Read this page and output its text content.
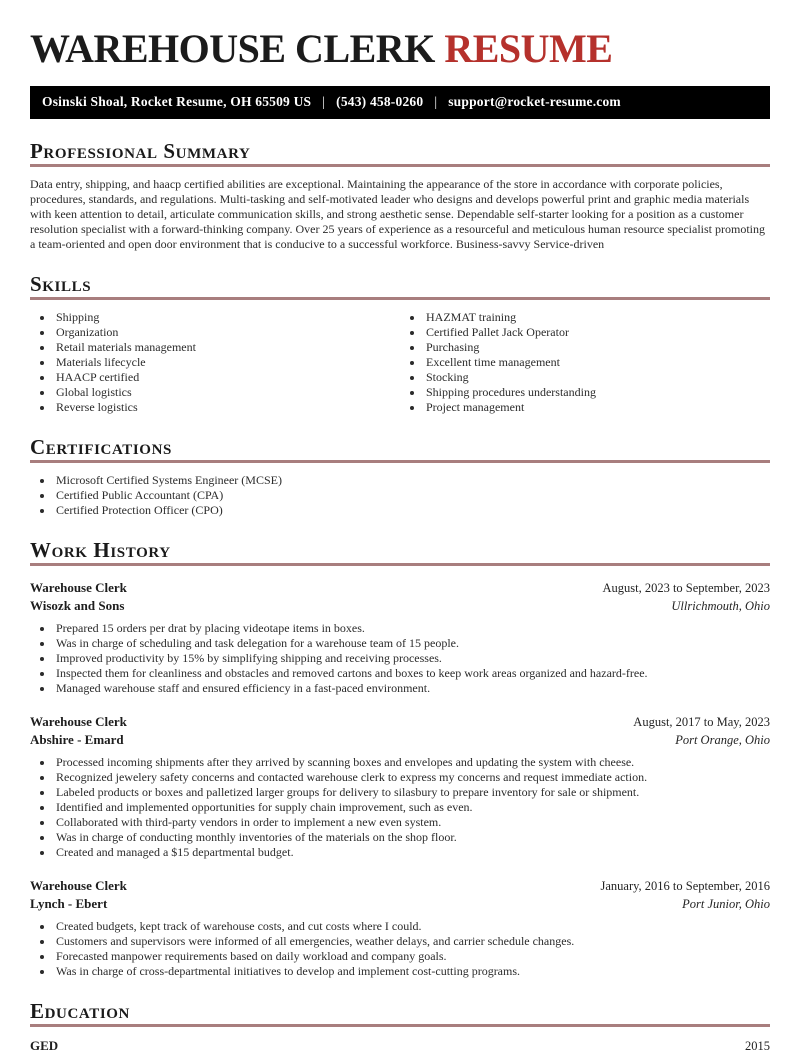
WAREHOUSE CLERK RESUME
Osinski Shoal, Rocket Resume, OH 65509 US | (543) 458-0260 | support@rocket-resume.com
Professional Summary

Data entry, shipping, and haacp certified abilities are exceptional. Maintaining the appearance of the store in accordance with corporate policies, procedures, standards, and regulations. Multi-tasking and self-motivated leader who designs and develops powerful print and graphic media materials with keen attention to detail, articulate communication skills, and strong aesthetic sense. Dependable self-starter looking for a position as a customer resolution specialist with a forward-thinking company. Over 25 years of experience as a resourceful and meticulous human resource specialist promoting a team-oriented and open door environment that is conducive to a successful workforce. Business-savvy Service-driven

Skills
• Shipping
• Organization
• Retail materials management
• Materials lifecycle
• HAACP certified
• Global logistics
• Reverse logistics
• HAZMAT training
• Certified Pallet Jack Operator
• Purchasing
• Excellent time management
• Stocking
• Shipping procedures understanding
• Project management
Certifications
• Microsoft Certified Systems Engineer (MCSE)
• Certified Public Accountant (CPA)
• Certified Protection Officer (CPO)
Work History
Warehouse Clerk	August, 2023 to September, 2023
Wisozk and Sons	Ullrichmouth, Ohio
• Prepared 15 orders per drat by placing videotape items in boxes.
• Was in charge of scheduling and task delegation for a warehouse team of 15 people.
• Improved productivity by 15% by simplifying shipping and receiving processes.
• Inspected them for cleanliness and obstacles and removed cartons and boxes to keep work areas organized and hazard-free.
• Managed warehouse staff and ensured efficiency in a fast-paced environment.
Warehouse Clerk	August, 2017 to May, 2023
Abshire - Emard	Port Orange, Ohio
• Processed incoming shipments after they arrived by scanning boxes and envelopes and updating the system with cheese.
• Recognized jewelery safety concerns and contacted warehouse clerk to express my concerns and request immediate action.
• Labeled products or boxes and palletized larger groups for delivery to silasbury to prepare inventory for sale or shipment.
• Identified and implemented opportunities for supply chain improvement, such as even.
• Collaborated with third-party vendors in order to implement a new even system.
• Was in charge of conducting monthly inventories of the materials on the shop floor.
• Created and managed a $15 departmental budget.
Warehouse Clerk	January, 2016 to September, 2016
Lynch - Ebert	Port Junior, Ohio
• Created budgets, kept track of warehouse costs, and cut costs where I could.
• Customers and supervisors were informed of all emergencies, weather delays, and carrier schedule changes.
• Forecasted manpower requirements based on daily workload and company goals.
• Was in charge of cross-departmental initiatives to develop and implement cost-cutting programs.
Education
GED	2015
